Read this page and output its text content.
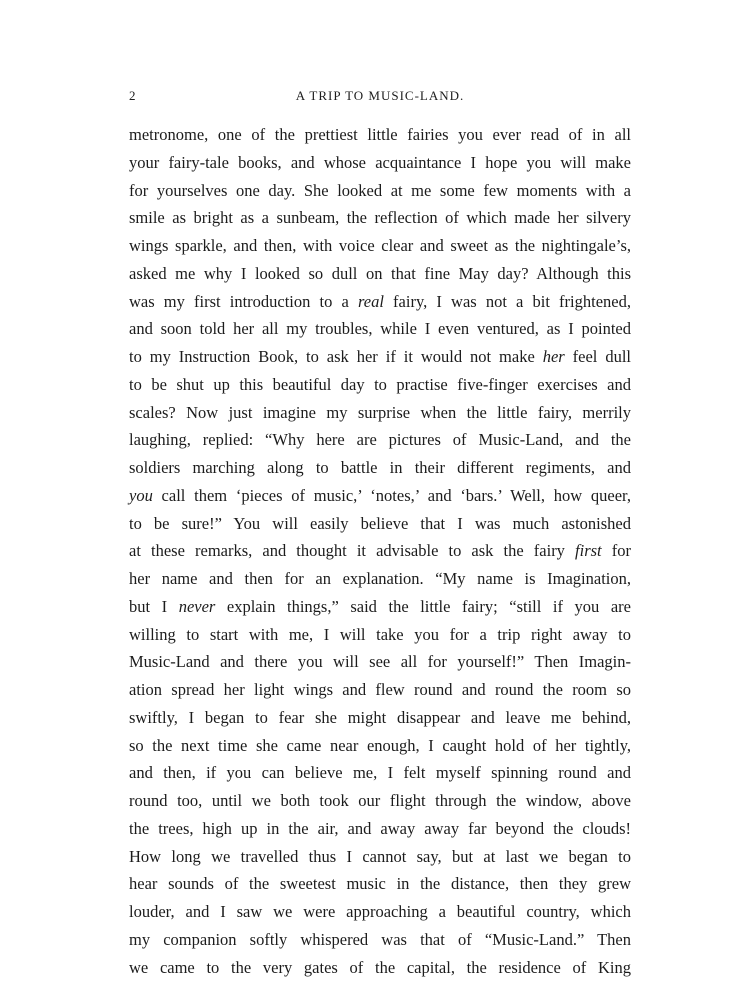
2	A TRIP TO MUSIC-LAND.
metronome, one of the prettiest little fairies you ever read of in all
your fairy-tale books, and whose acquaintance I hope you will make
for yourselves one day. She looked at me some few moments with a
smile as bright as a sunbeam, the reflection of which made her silvery
wings sparkle, and then, with voice clear and sweet as the nightingale’s,
asked me why I looked so dull on that fine May day? Although this
was my first introduction to a real fairy, I was not a bit frightened,
and soon told her all my troubles, while I even ventured, as I pointed
to my Instruction Book, to ask her if it would not make her feel dull
to be shut up this beautiful day to practise five-finger exercises and
scales? Now just imagine my surprise when the little fairy, merrily
laughing, replied: “Why here are pictures of Music-Land, and the
soldiers marching along to battle in their different regiments, and
you call them ‘pieces of music,’ ‘notes,’ and ‘bars.’ Well, how queer,
to be sure!” You will easily believe that I was much astonished
at these remarks, and thought it advisable to ask the fairy first for
her name and then for an explanation. “My name is Imagination,
but I never explain things,” said the little fairy; “still if you are
willing to start with me, I will take you for a trip right away to
Music-Land and there you will see all for yourself!” Then Imagin-
ation spread her light wings and flew round and round the room so
swiftly, I began to fear she might disappear and leave me behind,
so the next time she came near enough, I caught hold of her tightly,
and then, if you can believe me, I felt myself spinning round and
round too, until we both took our flight through the window, above
the trees, high up in the air, and away away far beyond the clouds!
How long we travelled thus I cannot say, but at last we began to
hear sounds of the sweetest music in the distance, then they grew
louder, and I saw we were approaching a beautiful country, which
my companion softly whispered was that of “Music-Land.” Then
we came to the very gates of the capital, the residence of King
